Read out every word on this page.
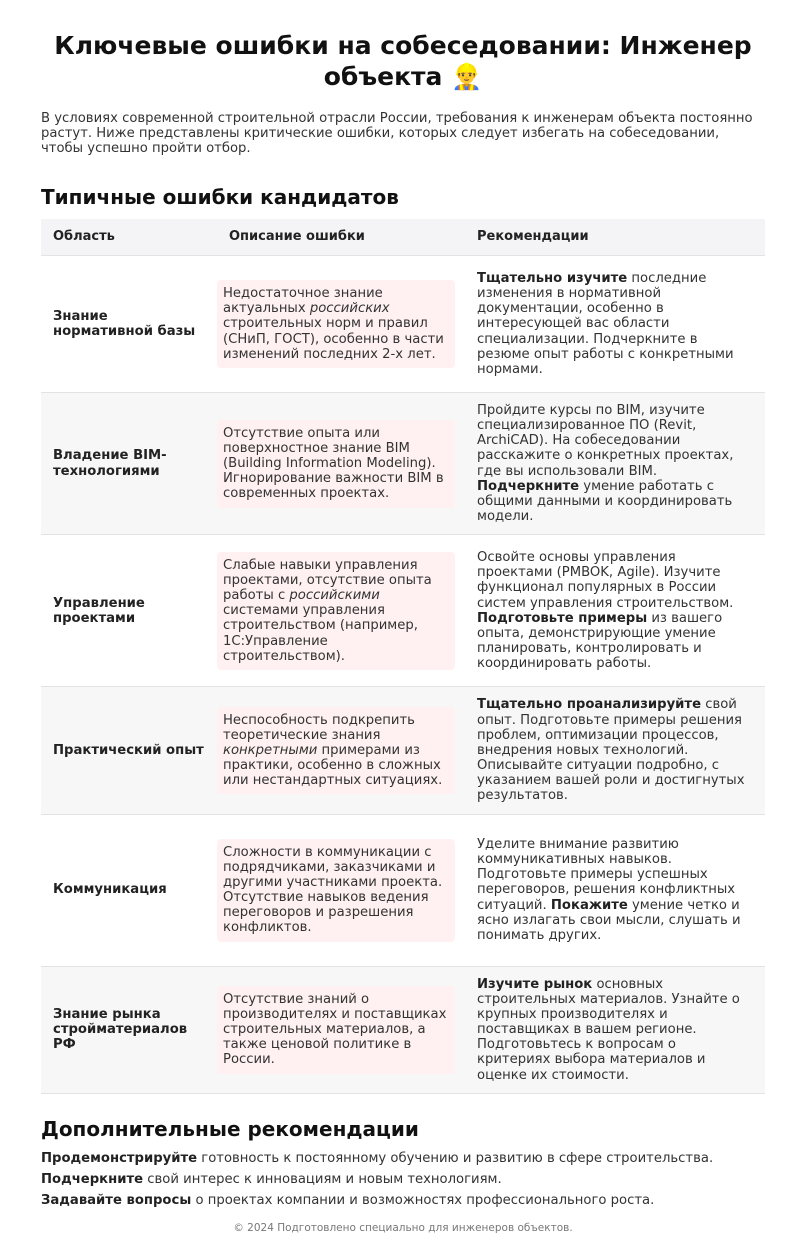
Ключевые ошибки на собеседовании: Инженер объекта 👷‍♂️

В условиях современной строительной отрасли России, требования к инженерам объекта постоянно растут. Ниже представлены критические ошибки, которых следует избегать на собеседовании, чтобы успешно пройти отбор.

Типичные ошибки кандидатов
Область	Описание ошибки	Рекомендации
Знание нормативной базы	Недостаточное знание актуальных российских строительных норм и правил (СНиП, ГОСТ), особенно в части изменений последних 2-х лет.	Тщательно изучите последние изменения в нормативной документации, особенно в интересующей вас области специализации. Подчеркните в резюме опыт работы с конкретными нормами.
Владение BIM-технологиями	Отсутствие опыта или поверхностное знание BIM (Building Information Modeling). Игнорирование важности BIM в современных проектах.	Пройдите курсы по BIM, изучите специализированное ПО (Revit, ArchiCAD). На собеседовании расскажите о конкретных проектах, где вы использовали BIM. Подчеркните умение работать с общими данными и координировать модели.
Управление проектами	Слабые навыки управления проектами, отсутствие опыта работы с российскими системами управления строительством (например, 1С:Управление строительством).	Освойте основы управления проектами (PMBOK, Agile). Изучите функционал популярных в России систем управления строительством. Подготовьте примеры из вашего опыта, демонстрирующие умение планировать, контролировать и координировать работы.
Практический опыт	Неспособность подкрепить теоретические знания конкретными примерами из практики, особенно в сложных или нестандартных ситуациях.	Тщательно проанализируйте свой опыт. Подготовьте примеры решения проблем, оптимизации процессов, внедрения новых технологий. Описывайте ситуации подробно, с указанием вашей роли и достигнутых результатов.
Коммуникация	Сложности в коммуникации с подрядчиками, заказчиками и другими участниками проекта. Отсутствие навыков ведения переговоров и разрешения конфликтов.	Уделите внимание развитию коммуникативных навыков. Подготовьте примеры успешных переговоров, решения конфликтных ситуаций. Покажите умение четко и ясно излагать свои мысли, слушать и понимать других.
Знание рынка стройматериалов РФ	Отсутствие знаний о производителях и поставщиках строительных материалов, а также ценовой политике в России.	Изучите рынок основных строительных материалов. Узнайте о крупных производителях и поставщиках в вашем регионе. Подготовьтесь к вопросам о критериях выбора материалов и оценке их стоимости.
Дополнительные рекомендации

Продемонстрируйте готовность к постоянному обучению и развитию в сфере строительства.

Подчеркните свой интерес к инновациям и новым технологиям.

Задавайте вопросы о проектах компании и возможностях профессионального роста.

© 2024 Подготовлено специально для инженеров объектов.
